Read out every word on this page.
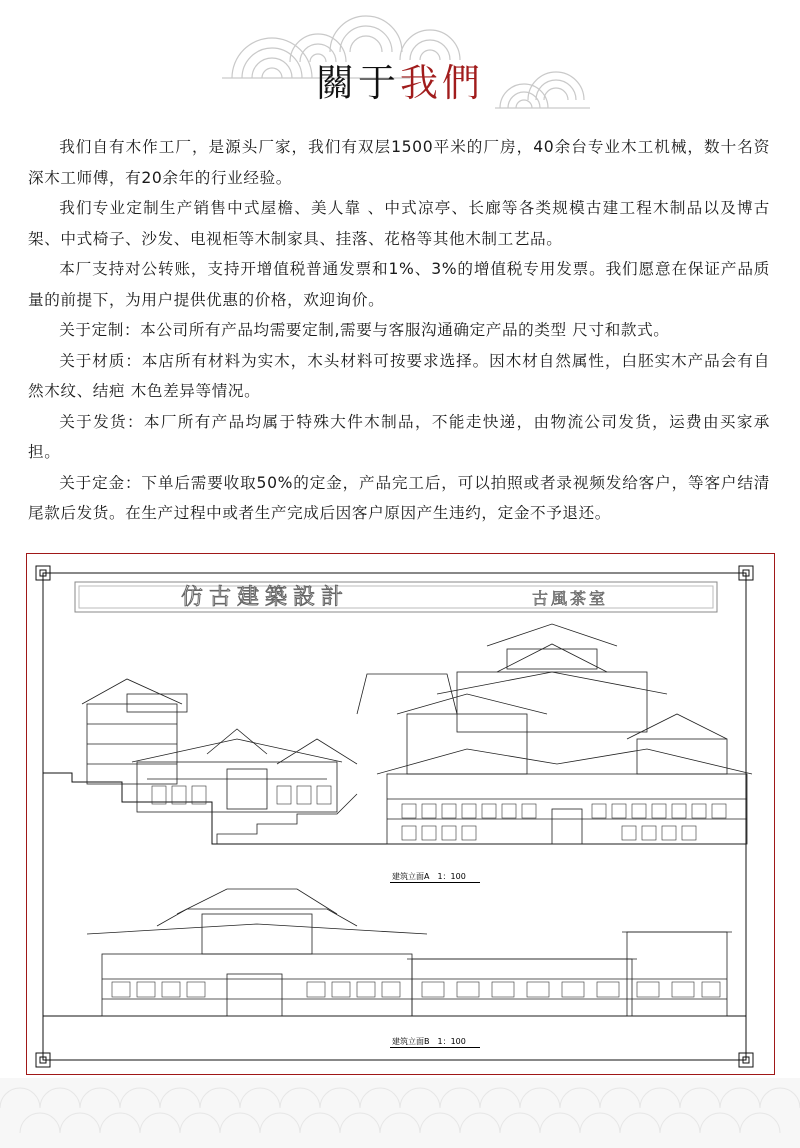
關于我們

我们自有木作工厂，是源头厂家，我们有双层1500平米的厂房，40余台专业木工机械，数十名资深木工师傅，有20余年的行业经验。

我们专业定制生产销售中式屋檐、美人靠 、中式凉亭、长廊等各类规模古建工程木制品以及博古架、中式椅子、沙发、电视柜等木制家具、挂落、花格等其他木制工艺品。

本厂支持对公转账，支持开增值税普通发票和1%、3%的增值税专用发票。我们愿意在保证产品质量的前提下，为用户提供优惠的价格，欢迎询价。

关于定制：本公司所有产品均需要定制,需要与客服沟通确定产品的类型 尺寸和款式。

关于材质：本店所有材料为实木，木头材料可按要求选择。因木材自然属性，白胚实木产品会有自然木纹、结疤 木色差异等情况。

关于发货：本厂所有产品均属于特殊大件木制品，不能走快递，由物流公司发货，运费由买家承担。

关于定金：下单后需要收取50%的定金，产品完工后，可以拍照或者录视频发给客户，等客户结清尾款后发货。在生产过程中或者生产完成后因客户原因产生违约，定金不予退还。

仿古建築設計	古風茶室
建筑立面A　1：100
建筑立面B　1：100
